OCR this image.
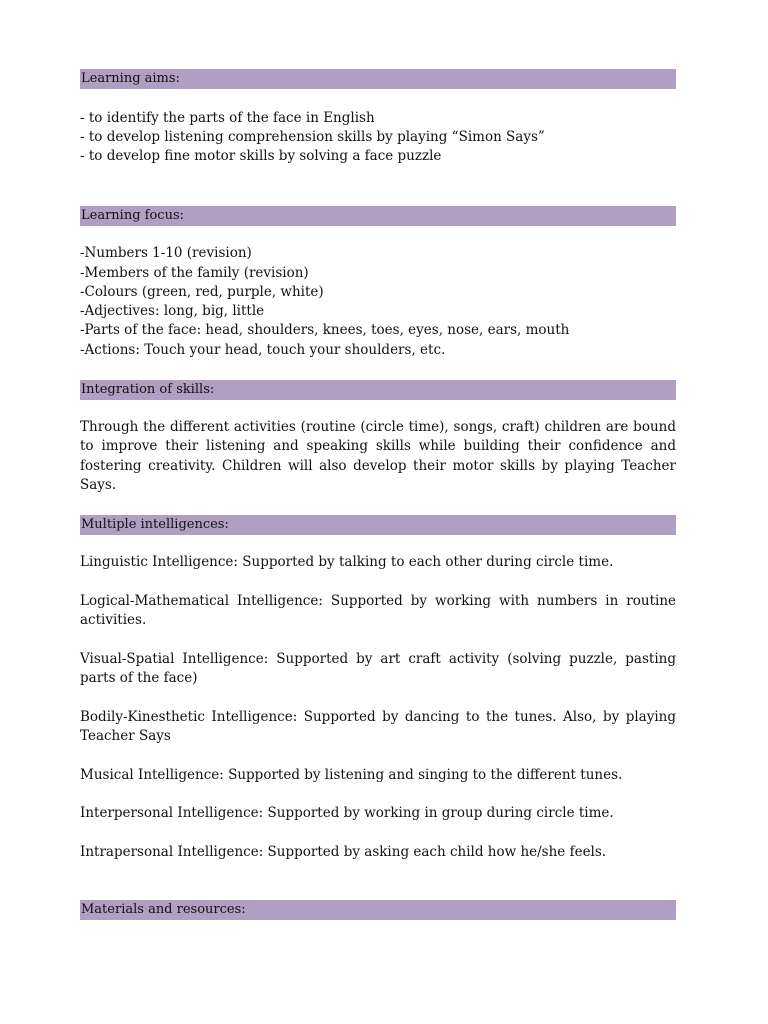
Learning aims:
- to identify the parts of the face in English
- to develop listening comprehension skills by playing “Simon Says”
- to develop fine motor skills by solving a face puzzle
Learning focus:
-Numbers 1-10 (revision)
-Members of the family (revision)
-Colours (green, red, purple, white)
-Adjectives: long, big, little
-Parts of the face: head, shoulders, knees, toes, eyes, nose, ears, mouth
-Actions: Touch your head, touch your shoulders, etc.
Integration of skills:
Through the different activities (routine (circle time), songs, craft) children are bound to improve their listening and speaking skills while building their confidence and fostering creativity. Children will also develop their motor skills by playing Teacher Says.
Multiple intelligences:
Linguistic Intelligence: Supported by talking to each other during circle time.
Logical-Mathematical Intelligence: Supported by working with numbers in routine activities.
Visual-Spatial Intelligence: Supported by art craft activity (solving puzzle, pasting parts of the face)
Bodily-Kinesthetic Intelligence: Supported by dancing to the tunes. Also, by playing Teacher Says
Musical Intelligence: Supported by listening and singing to the different tunes.
Interpersonal Intelligence: Supported by working in group during circle time.
Intrapersonal Intelligence: Supported by asking each child how he/she feels.
Materials and resources:
